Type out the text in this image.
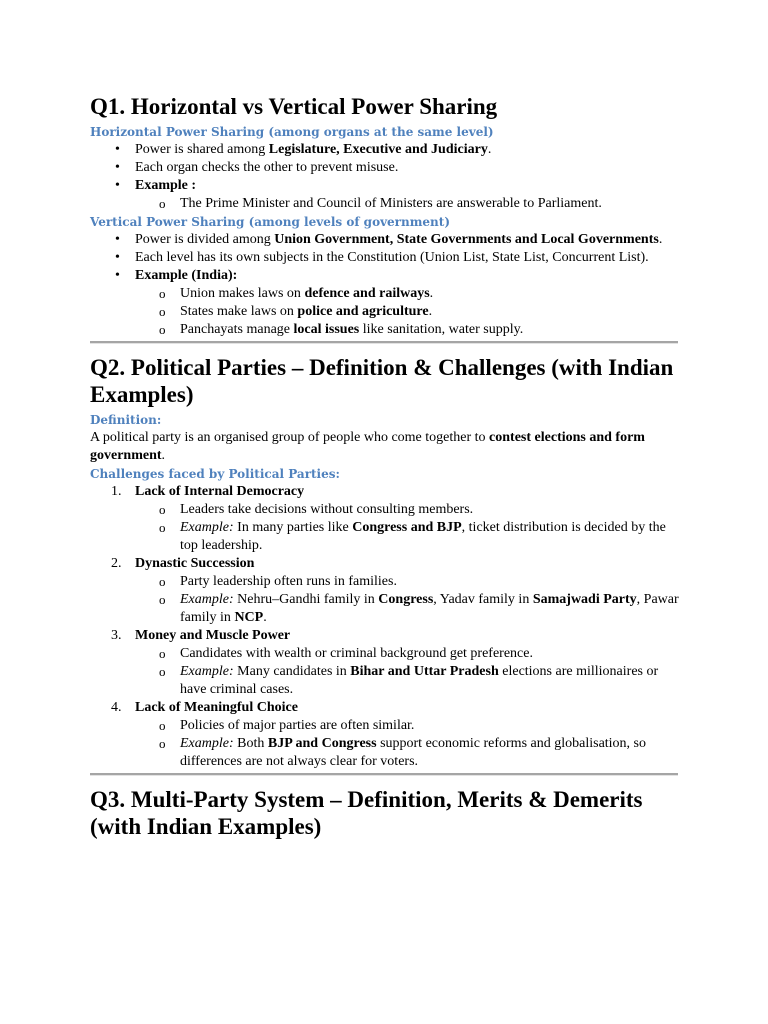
Q1. Horizontal vs Vertical Power Sharing
Horizontal Power Sharing (among organs at the same level)
• Power is shared among Legislature, Executive and Judiciary.
• Each organ checks the other to prevent misuse.
• Example :
o The Prime Minister and Council of Ministers are answerable to Parliament.
Vertical Power Sharing (among levels of government)
• Power is divided among Union Government, State Governments and Local Governments.
• Each level has its own subjects in the Constitution (Union List, State List, Concurrent List).
• Example (India):
o Union makes laws on defence and railways.
o States make laws on police and agriculture.
o Panchayats manage local issues like sanitation, water supply.
Q2. Political Parties – Definition & Challenges (with Indian Examples)
Definition:

A political party is an organised group of people who come together to contest elections and form government.

Challenges faced by Political Parties:
1. Lack of Internal Democracy
o Leaders take decisions without consulting members.
o Example: In many parties like Congress and BJP, ticket distribution is decided by the top leadership.
2. Dynastic Succession
o Party leadership often runs in families.
o Example: Nehru–Gandhi family in Congress, Yadav family in Samajwadi Party, Pawar family in NCP.
3. Money and Muscle Power
o Candidates with wealth or criminal background get preference.
o Example: Many candidates in Bihar and Uttar Pradesh elections are millionaires or have criminal cases.
4. Lack of Meaningful Choice
o Policies of major parties are often similar.
o Example: Both BJP and Congress support economic reforms and globalisation, so differences are not always clear for voters.
Q3. Multi-Party System – Definition, Merits & Demerits (with Indian Examples)
